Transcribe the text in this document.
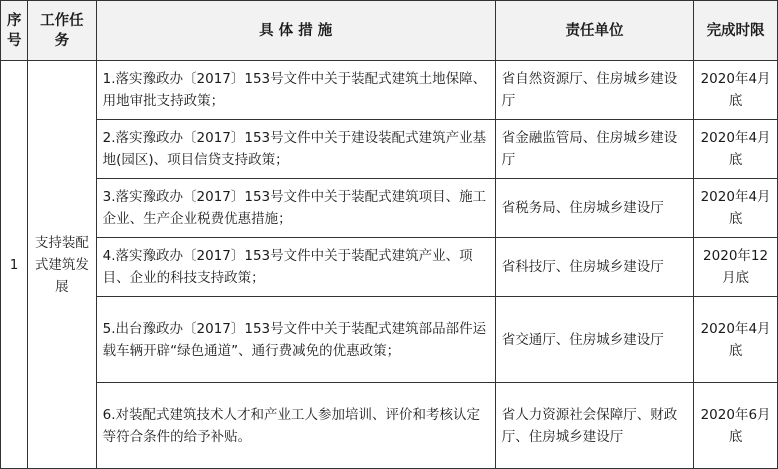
序号	工作任务	具 体 措 施	责任单位	完成时限
1	支持装配式建筑发展	1.落实豫政办〔2017〕153号文件中关于装配式建筑土地保障、用地审批支持政策；	省自然资源厅、住房城乡建设厅	2020年4月底
		2.落实豫政办〔2017〕153号文件中关于建设装配式建筑产业基地(园区)、项目信贷支持政策；	省金融监管局、住房城乡建设厅	2020年4月底
		3.落实豫政办〔2017〕153号文件中关于装配式建筑项目、施工企业、生产企业税费优惠措施；	省税务局、住房城乡建设厅	2020年4月底
		4.落实豫政办〔2017〕153号文件中关于装配式建筑产业、项目、企业的科技支持政策；	省科技厅、住房城乡建设厅	2020年12月底
		5.出台豫政办〔2017〕153号文件中关于装配式建筑部品部件运载车辆开辟“绿色通道”、通行费减免的优惠政策；	省交通厅、住房城乡建设厅	2020年4月底
		6.对装配式建筑技术人才和产业工人参加培训、评价和考核认定等符合条件的给予补贴。	省人力资源社会保障厅、财政厅、住房城乡建设厅	2020年6月底
